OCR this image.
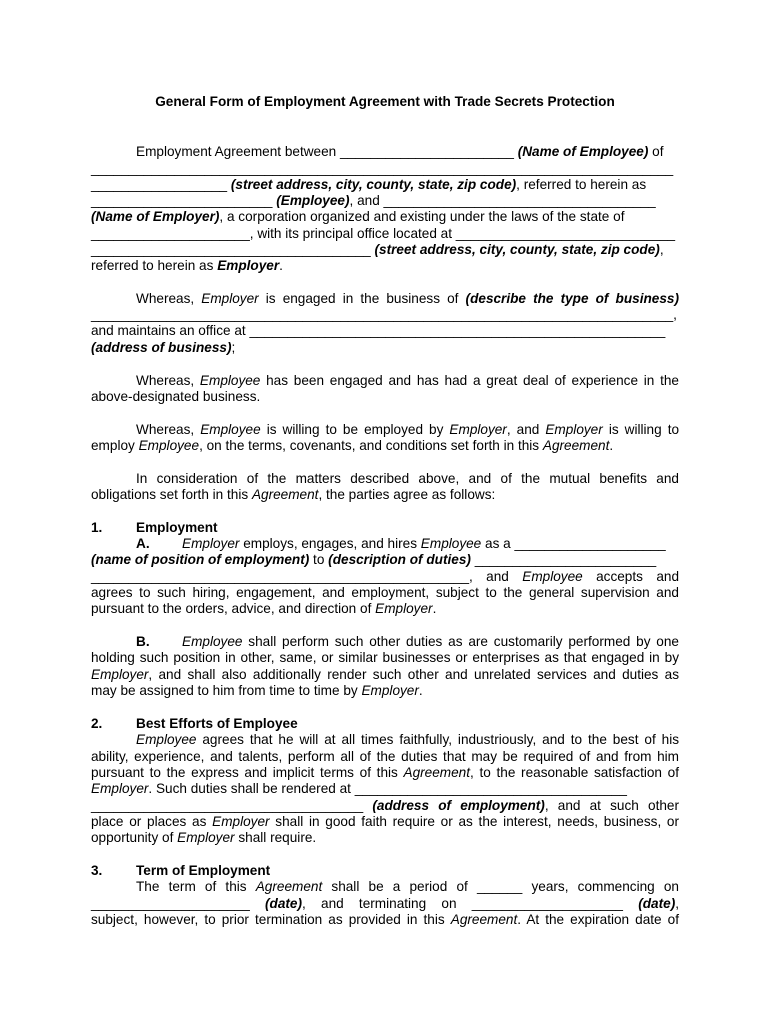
General Form of Employment Agreement with Trade Secrets Protection
Employment Agreement between _______________________ (Name of Employee) of
_____________________________________________________________________________
__________________ (street address, city, county, state, zip code), referred to herein as
________________________ (Employee), and ____________________________________
(Name of Employer), a corporation organized and existing under the laws of the state of
_____________________, with its principal office located at _____________________________
_____________________________________ (street address, city, county, state, zip code),
referred to herein as Employer.
Whereas, Employer is engaged in the business of (describe the type of business)
_____________________________________________________________________________,
and maintains an office at _______________________________________________________
(address of business);
Whereas, Employee has been engaged and has had a great deal of experience in the
above-designated business.
Whereas, Employee is willing to be employed by Employer, and Employer is willing to
employ Employee, on the terms, covenants, and conditions set forth in this Agreement.
In consideration of the matters described above, and of the mutual benefits and
obligations set forth in this Agreement, the parties agree as follows:
1. Employment
A. Employer employs, engages, and hires Employee as a ____________________
(name of position of employment) to (description of duties) ________________________
__________________________________________________, and Employee accepts and
agrees to such hiring, engagement, and employment, subject to the general supervision and
pursuant to the orders, advice, and direction of Employer.
B. Employee shall perform such other duties as are customarily performed by one
holding such position in other, same, or similar businesses or enterprises as that engaged in by
Employer, and shall also additionally render such other and unrelated services and duties as
may be assigned to him from time to time by Employer.
2. Best Efforts of Employee
Employee agrees that he will at all times faithfully, industriously, and to the best of his
ability, experience, and talents, perform all of the duties that may be required of and from him
pursuant to the express and implicit terms of this Agreement, to the reasonable satisfaction of
Employer. Such duties shall be rendered at ____________________________________
____________________________________ (address of employment), and at such other
place or places as Employer shall in good faith require or as the interest, needs, business, or
opportunity of Employer shall require.
3. Term of Employment
The term of this Agreement shall be a period of ______ years, commencing on
_____________________ (date), and terminating on ____________________ (date),
subject, however, to prior termination as provided in this Agreement. At the expiration date of
